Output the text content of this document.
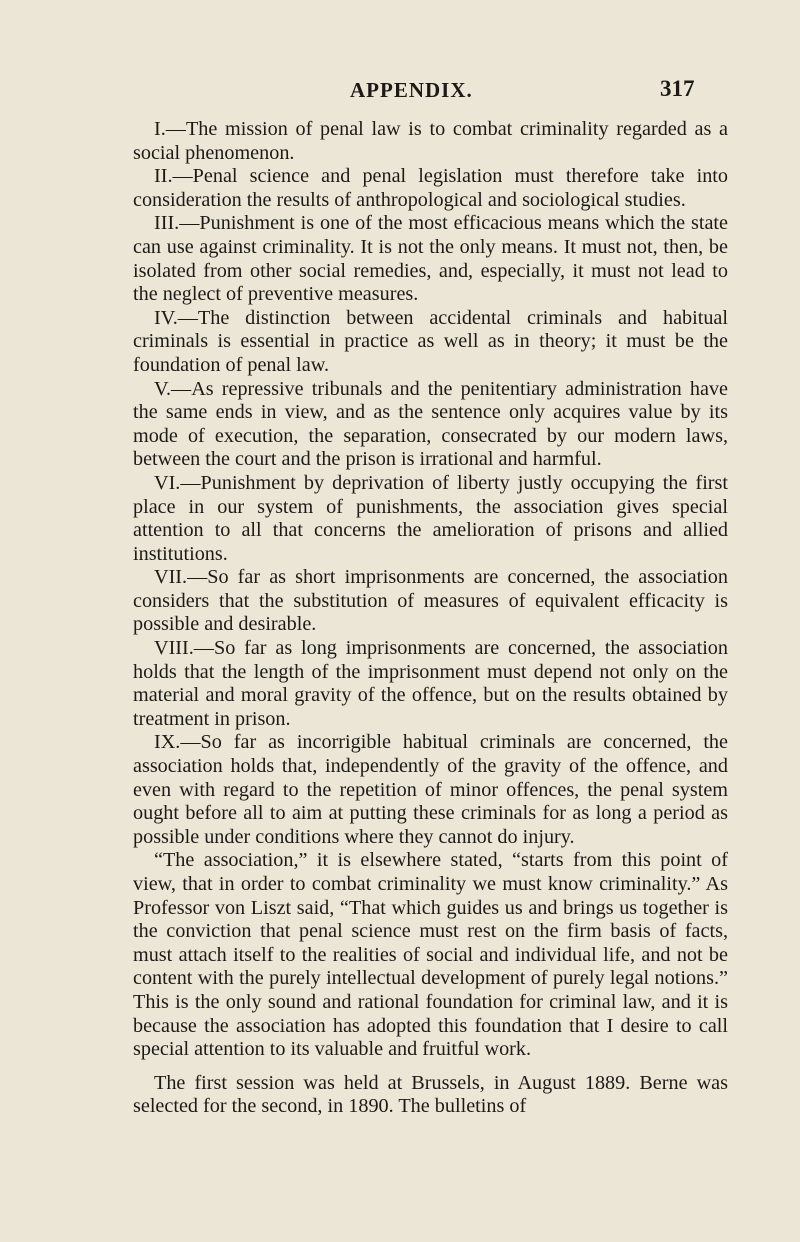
APPENDIX.	317

I.—The mission of penal law is to combat criminality regarded as a social phenomenon.

II.—Penal science and penal legislation must therefore take into consideration the results of anthropological and sociological studies.

III.—Punishment is one of the most efficacious means which the state can use against criminality. It is not the only means. It must not, then, be isolated from other social remedies, and, especially, it must not lead to the neglect of preventive measures.

IV.—The distinction between accidental criminals and habitual criminals is essential in practice as well as in theory; it must be the foundation of penal law.

V.—As repressive tribunals and the penitentiary administration have the same ends in view, and as the sentence only acquires value by its mode of execution, the separation, consecrated by our modern laws, between the court and the prison is irrational and harmful.

VI.—Punishment by deprivation of liberty justly occupying the first place in our system of punishments, the association gives special attention to all that concerns the amelioration of prisons and allied institutions.

VII.—So far as short imprisonments are concerned, the association considers that the substitution of measures of equivalent efficacity is possible and desirable.

VIII.—So far as long imprisonments are concerned, the association holds that the length of the imprisonment must depend not only on the material and moral gravity of the offence, but on the results obtained by treatment in prison.

IX.—So far as incorrigible habitual criminals are concerned, the association holds that, independently of the gravity of the offence, and even with regard to the repetition of minor offences, the penal system ought before all to aim at putting these criminals for as long a period as possible under conditions where they cannot do injury.

“The association,” it is elsewhere stated, “starts from this point of view, that in order to combat criminality we must know criminality.” As Professor von Liszt said, “That which guides us and brings us together is the conviction that penal science must rest on the firm basis of facts, must attach itself to the realities of social and individual life, and not be content with the purely intellectual development of purely legal notions.” This is the only sound and rational foundation for criminal law, and it is because the association has adopted this foundation that I desire to call special attention to its valuable and fruitful work.

The first session was held at Brussels, in August 1889. Berne was selected for the second, in 1890. The bulletins of
